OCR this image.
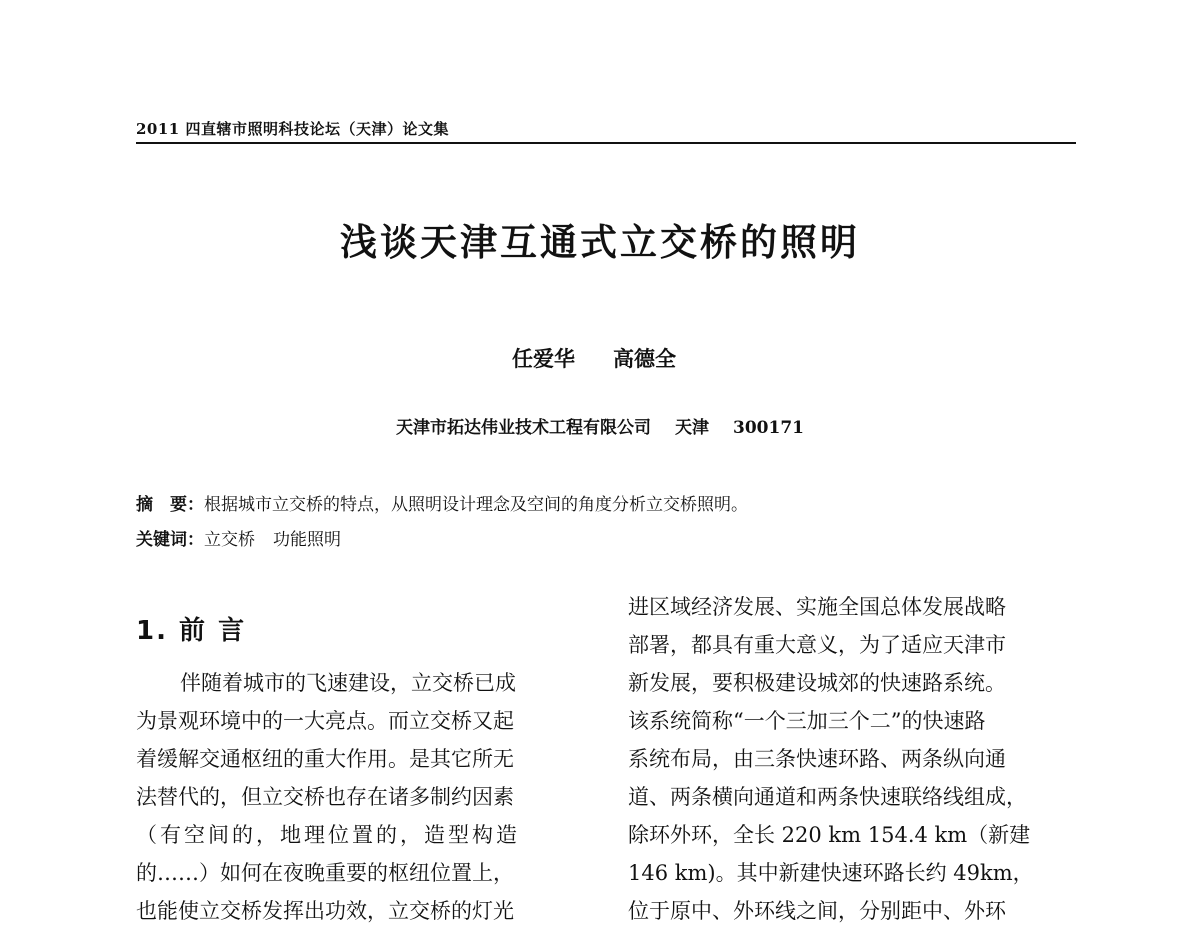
2011 四直辖市照明科技论坛（天津）论文集
浅谈天津互通式立交桥的照明
任爱华 高德全
天津市拓达伟业技术工程有限公司 天津 300171
摘　要：根据城市立交桥的特点，从照明设计理念及空间的角度分析立交桥照明。
关键词：立交桥 功能照明
1. 前 言
伴随着城市的飞速建设，立交桥已成
为景观环境中的一大亮点。而立交桥又起
着缓解交通枢纽的重大作用。是其它所无
法替代的，但立交桥也存在诸多制约因素
（有空间的，地理位置的，造型构造
的……）如何在夜晚重要的枢纽位置上，
也能使立交桥发挥出功效，立交桥的灯光
进区域经济发展、实施全国总体发展战略
部署，都具有重大意义，为了适应天津市
新发展，要积极建设城郊的快速路系统。
该系统简称“一个三加三个二”的快速路
系统布局，由三条快速环路、两条纵向通
道、两条横向通道和两条快速联络线组成，
除环外环，全长 220 km 154.4 km（新建
146 km)。其中新建快速环路长约 49km，
位于原中、外环线之间，分别距中、外环
